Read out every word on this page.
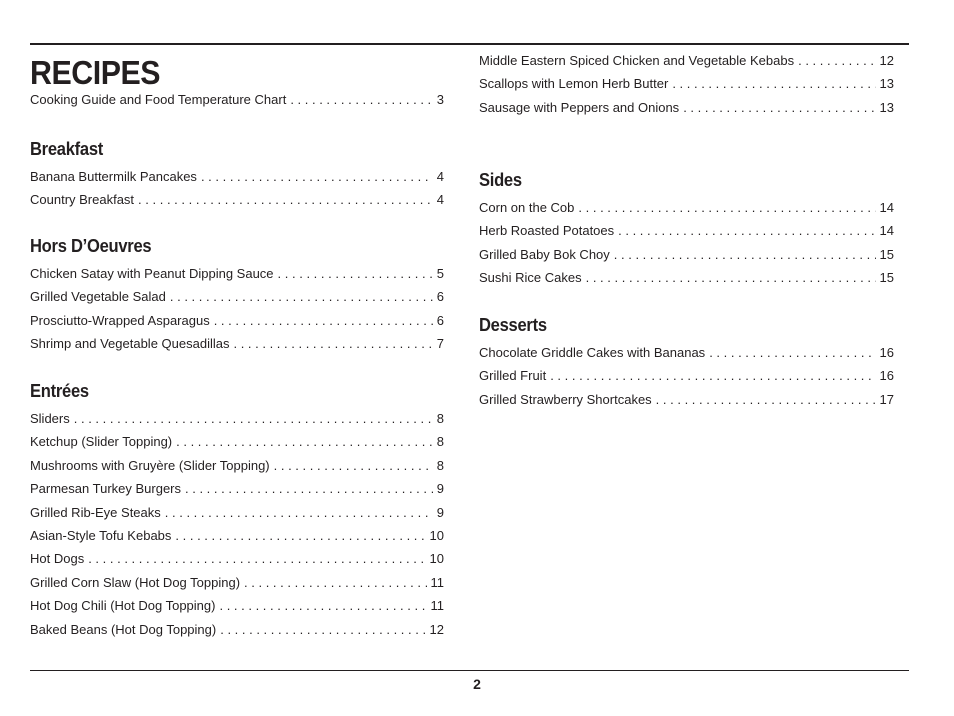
RECIPES
Cooking Guide and Food Temperature Chart . . .	3
Breakfast
Banana Buttermilk Pancakes . . .	4
Country Breakfast . . .	4
Hors D’Oeuvres
Chicken Satay with Peanut Dipping Sauce . . .	5
Grilled Vegetable Salad . . .	6
Prosciutto-Wrapped Asparagus . . .	6
Shrimp and Vegetable Quesadillas . . .	7
Entrées
Sliders . . .	8
Ketchup (Slider Topping) . . .	8
Mushrooms with Gruyère (Slider Topping) . . .	8
Parmesan Turkey Burgers . . .	9
Grilled Rib-Eye Steaks . . .	9
Asian-Style Tofu Kebabs . . .	10
Hot Dogs . . .	10
Grilled Corn Slaw (Hot Dog Topping) . . .	11
Hot Dog Chili (Hot Dog Topping) . . .	11
Baked Beans (Hot Dog Topping) . . .	12
Middle Eastern Spiced Chicken and Vegetable Kebabs . . .	12
Scallops with Lemon Herb Butter . . .	13
Sausage with Peppers and Onions . . .	13
Sides
Corn on the Cob . . .	14
Herb Roasted Potatoes . . .	14
Grilled Baby Bok Choy . . .	15
Sushi Rice Cakes . . .	15
Desserts
Chocolate Griddle Cakes with Bananas . . .	16
Grilled Fruit . . .	16
Grilled Strawberry Shortcakes . . .	17
2
